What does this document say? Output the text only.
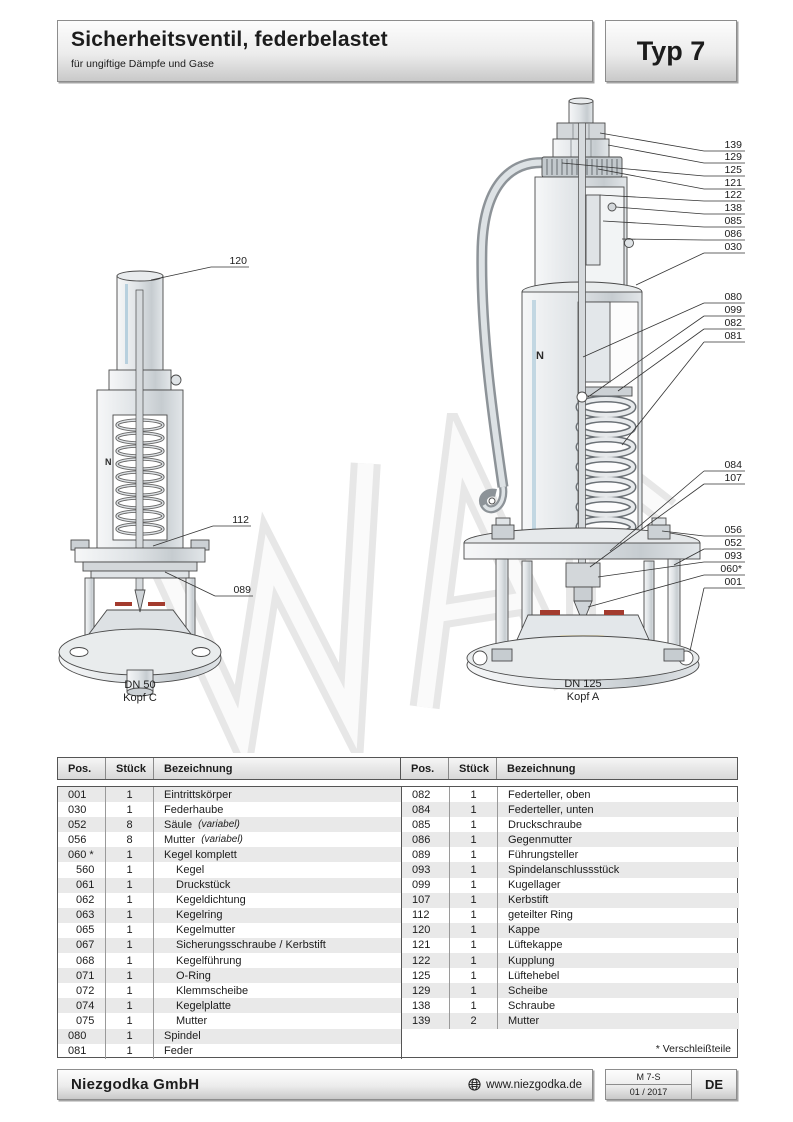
Sicherheitsventil, federbelastet
für ungiftige Dämpfe und Gase	Typ 7
N
120
112
089
DN 50
Kopf C
N
139
129
125
121
122
138
085
086
030
080
099
082
081
084
107
056
052
093
060*
001
DN 125
Kopf A
Pos.	Stück	Bezeichnung	Pos.	Stück	Bezeichnung
001	1	Eintrittskörper
030	1	Federhaube
052	8	Säule (variabel)
056	8	Mutter (variabel)
060 *	1	Kegel komplett
560	1	Kegel
061	1	Druckstück
062	1	Kegeldichtung
063	1	Kegelring
065	1	Kegelmutter
067	1	Sicherungsschraube / Kerbstift
068	1	Kegelführung
071	1	O-Ring
072	1	Klemmscheibe
074	1	Kegelplatte
075	1	Mutter
080	1	Spindel
081	1	Feder	* Verschleißteile
082	1	Federteller, oben
084	1	Federteller, unten
085	1	Druckschraube
086	1	Gegenmutter
089	1	Führungsteller
093	1	Spindelanschlussstück
099	1	Kugellager
107	1	Kerbstift
112	1	geteilter Ring
120	1	Kappe
121	1	Lüftekappe
122	1	Kupplung
125	1	Lüftehebel
129	1	Scheibe
138	1	Schraube
139	2	Mutter
Niezgodka GmbH	www.niezgodka.de
M 7-S
01 / 2017	DE
